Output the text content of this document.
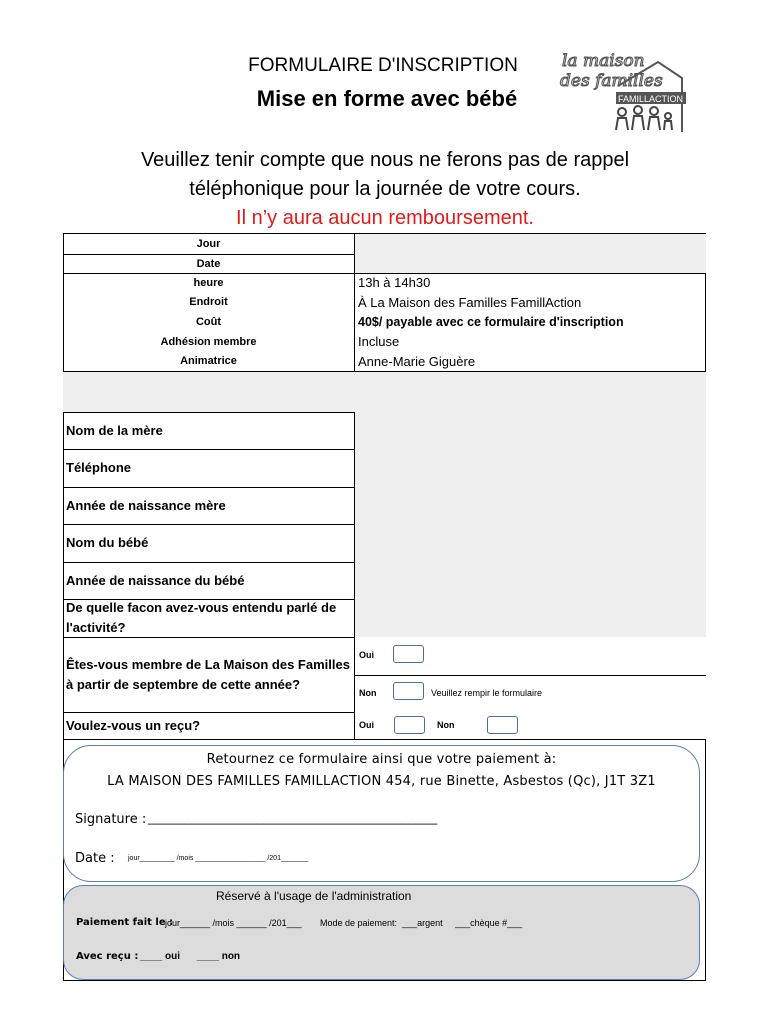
FORMULAIRE D'INSCRIPTION
Mise en forme avec bébé
Veuillez tenir compte que nous ne ferons pas de rappel
téléphonique pour la journée de votre cours.
Il n’y aura aucun remboursement.
la maison
des familles
FAMILLACTION
Jour
Date
heure	13h à 14h30
Endroit	À La Maison des Familles FamillAction
Coût	40$/ payable avec ce formulaire d'inscription
Adhésion membre	Incluse
Animatrice	Anne-Marie Giguère
Nom de la mère
Téléphone
Année de naissance mère
Nom du bébé
Année de naissance du bébé
De quelle facon avez-vous entendu parlé de l'activité?
Êtes-vous membre de La Maison des Familles à partir de septembre de cette année?
Oui
Non	Veuillez rempir le formulaire
Voulez-vous un reçu?	Oui	Non
Retournez ce formulaire ainsi que votre paiement à:
LA MAISON DES FAMILLES FAMILLACTION 454, rue Binette, Asbestos (Qc), J1T 3Z1
Signature : ________________________________________
Date : jour_________ /mois __________________ /201_______
Réservé à l'usage de l'administration
Paiement fait le :
jour______ /mois ______ /201___ Mode de paiement:  ___argent     ___chèque #___
Avec reçu : ____ oui      ____ non
